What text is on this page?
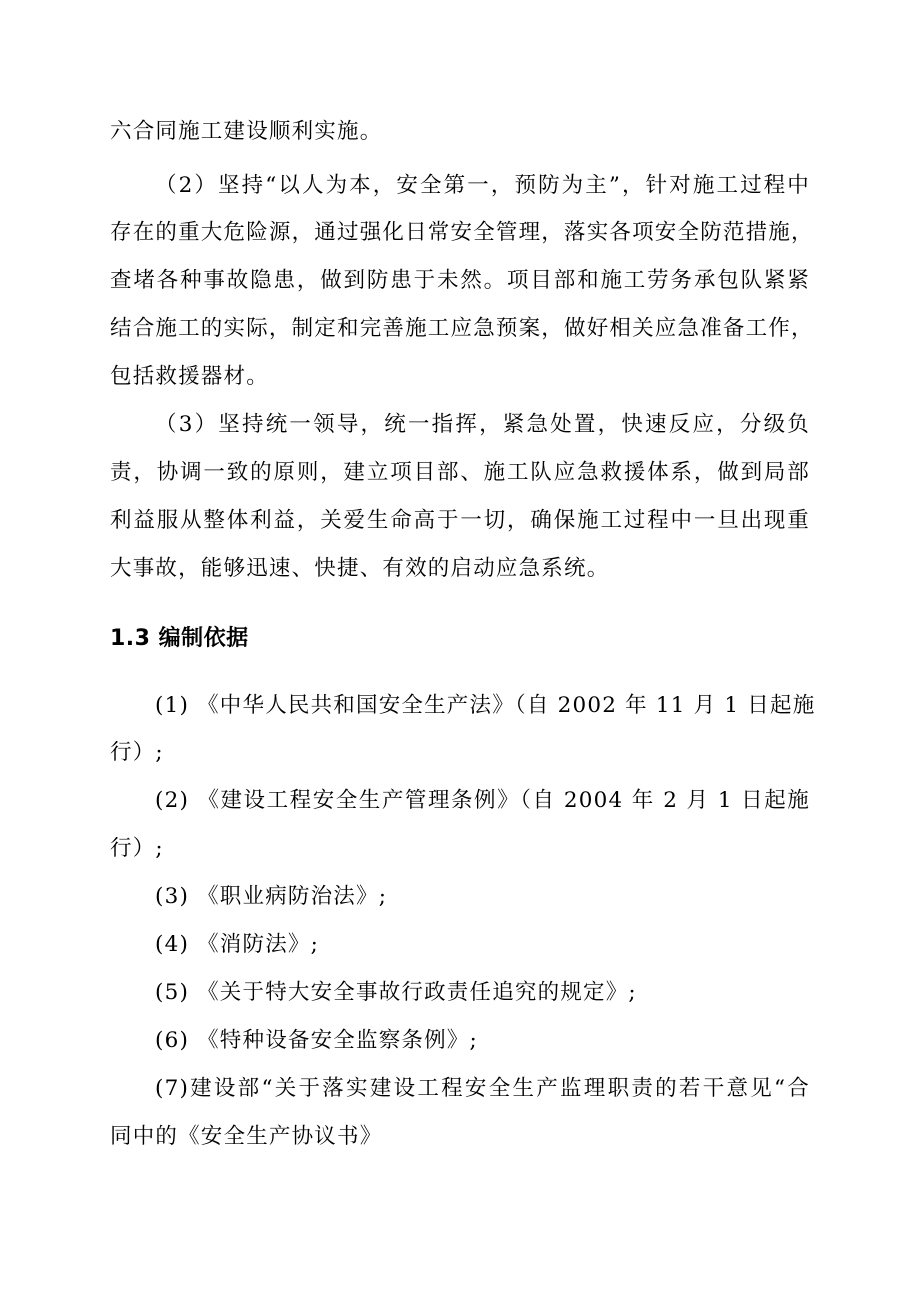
六合同施工建设顺利实施。
（2）坚持“以人为本，安全第一，预防为主”，针对施工过程中
存在的重大危险源，通过强化日常安全管理，落实各项安全防范措施，
查堵各种事故隐患，做到防患于未然。项目部和施工劳务承包队紧紧
结合施工的实际，制定和完善施工应急预案，做好相关应急准备工作，
包括救援器材。
（3）坚持统一领导，统一指挥，紧急处置，快速反应，分级负
责，协调一致的原则，建立项目部、施工队应急救援体系，做到局部
利益服从整体利益，关爱生命高于一切，确保施工过程中一旦出现重
大事故，能够迅速、快捷、有效的启动应急系统。
1.3 编制依据
(1) 《中华人民共和国安全生产法》（自 2002 年 11 月 1 日起施
行）;
(2) 《建设工程安全生产管理条例》（自 2004 年 2 月 1 日起施
行）;
(3) 《职业病防治法》;
(4) 《消防法》;
(5) 《关于特大安全事故行政责任追究的规定》;
(6) 《特种设备安全监察条例》;
(7)建设部“关于落实建设工程安全生产监理职责的若干意见“合
同中的《安全生产协议书》
